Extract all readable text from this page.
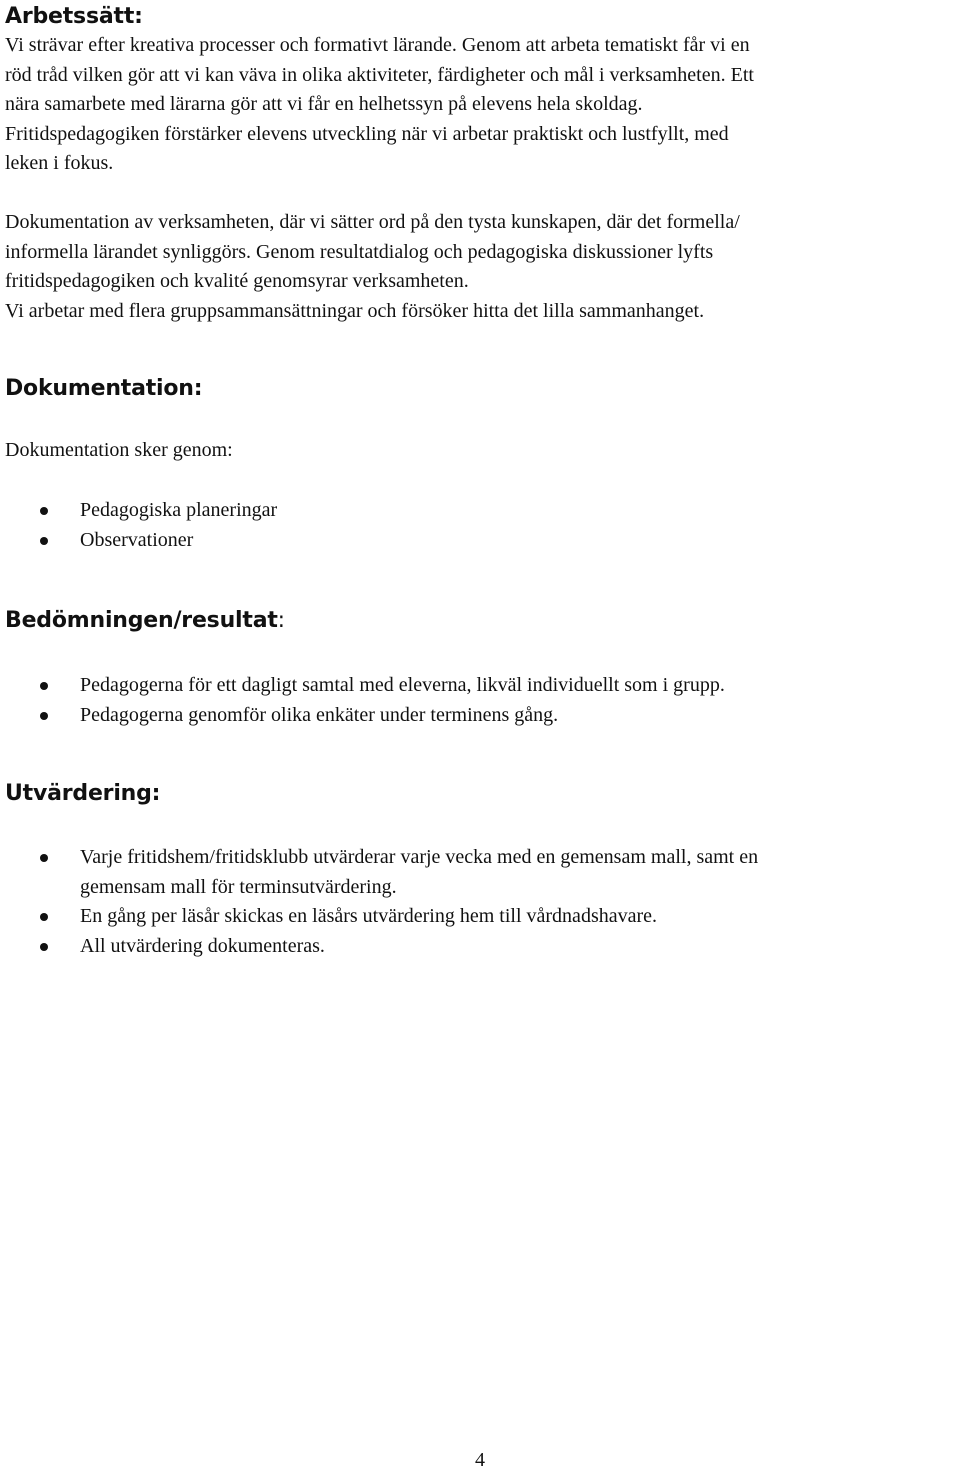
Arbetssätt:

Vi strävar efter kreativa processer och formativt lärande. Genom att arbeta tematiskt får vi en
röd tråd vilken gör att vi kan väva in olika aktiviteter, färdigheter och mål i verksamheten. Ett
nära samarbete med lärarna gör att vi får en helhetssyn på elevens hela skoldag.
Fritidspedagogiken förstärker elevens utveckling när vi arbetar praktiskt och lustfyllt, med
leken i fokus.

Dokumentation av verksamheten, där vi sätter ord på den tysta kunskapen, där det formella/
informella lärandet synliggörs. Genom resultatdialog och pedagogiska diskussioner lyfts
fritidspedagogiken och kvalité genomsyrar verksamheten.
Vi arbetar med flera gruppsammansättningar och försöker hitta det lilla sammanhanget.

Dokumentation:

Dokumentation sker genom:

Pedagogiska planeringar
Observationer
Bedömningen/resultat:
Pedagogerna för ett dagligt samtal med eleverna, likväl individuellt som i grupp.
Pedagogerna genomför olika enkäter under terminens gång.
Utvärdering:
Varje fritidshem/fritidsklubb utvärderar varje vecka med en gemensam mall, samt en
gemensam mall för terminsutvärdering.
En gång per läsår skickas en läsårs utvärdering hem till vårdnadshavare.
All utvärdering dokumenteras.

4
